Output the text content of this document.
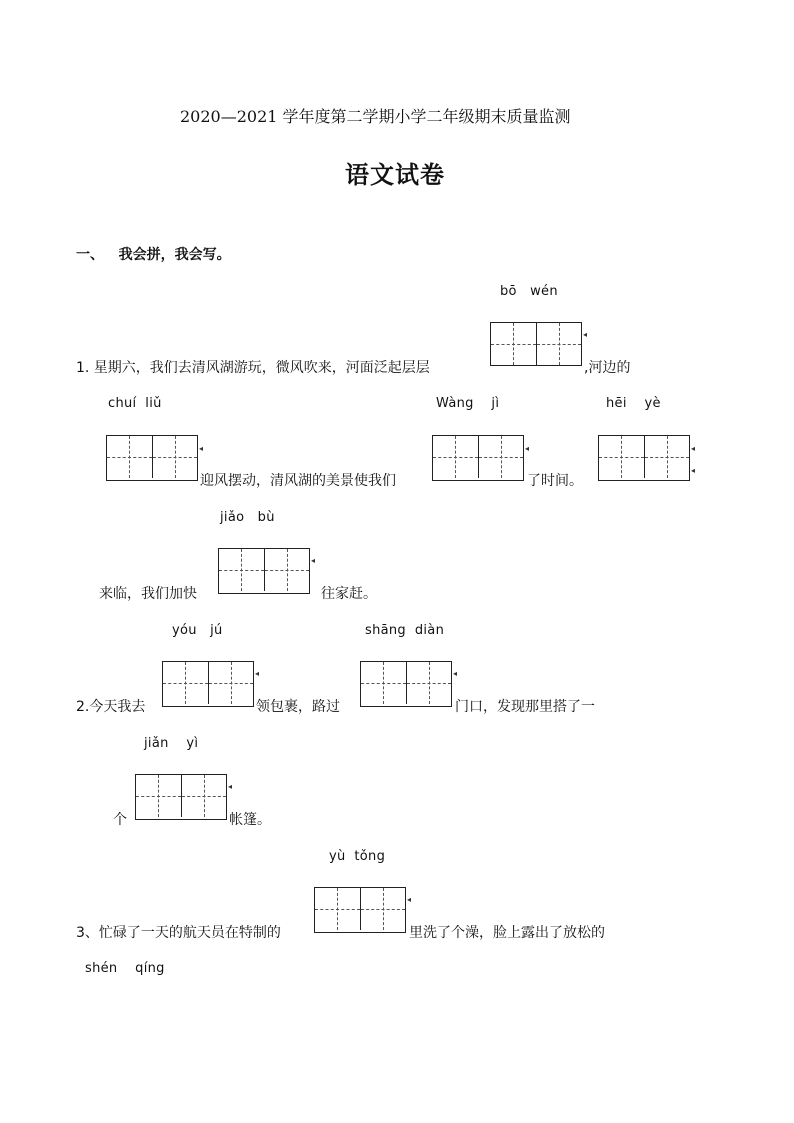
2020—2021 学年度第二学期小学二年级期末质量监测
语文试卷
一、   我会拼，我会写。
bō   wén
◂
1. 星期六，我们去清风湖游玩，微风吹来，河面泛起层层	,河边的
chuí  liǔ	Wàng    jì	hēi    yè
◂
迎风摆动，清风湖的美景使我们
◂
了时间。
◂
◂
jiǎo   bù
◂
来临，我们加快	往家赶。
yóu   jú	shāng  diàn
◂
2.今天我去	领包裹，路过
◂
门口，发现那里搭了一
jiǎn    yì
◂
个	帐篷。
yù  tǒng
◂
3、忙碌了一天的航天员在特制的	里洗了个澡，脸上露出了放松的
shén    qíng
